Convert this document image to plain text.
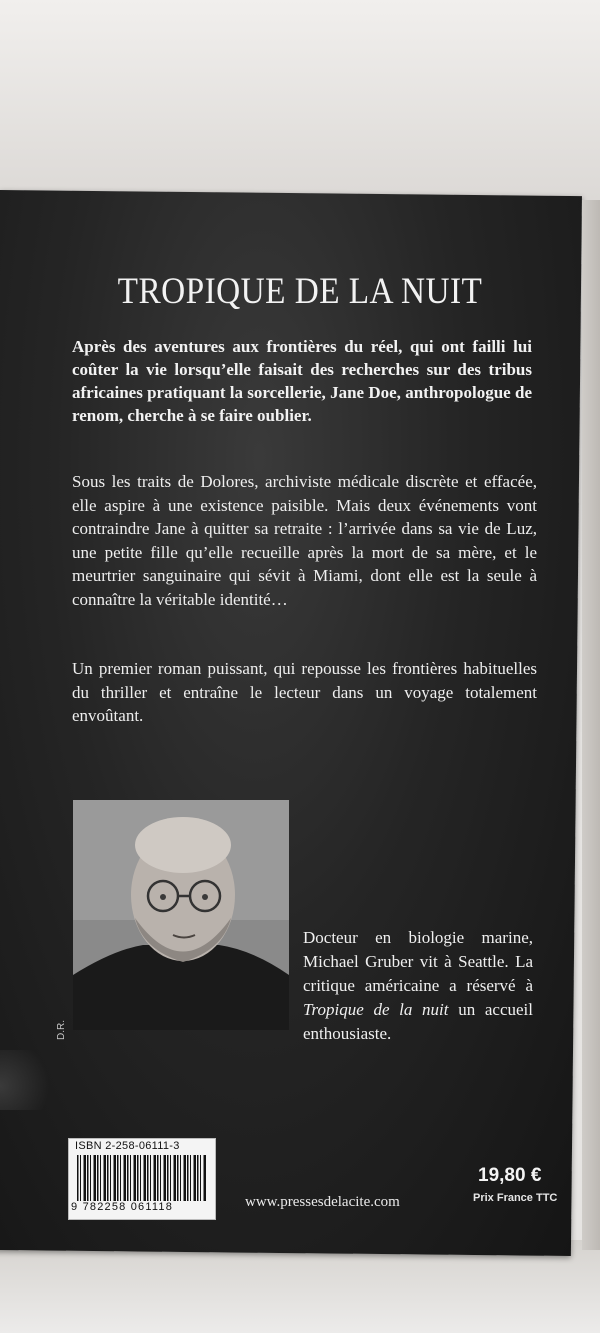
TROPIQUE DE LA NUIT
Après des aventures aux frontières du réel, qui ont failli lui coûter la vie lorsqu’elle faisait des recherches sur des tribus africaines pratiquant la sorcellerie, Jane Doe, anthropologue de renom, cherche à se faire oublier.
Sous les traits de Dolores, archiviste médicale discrète et effacée, elle aspire à une existence paisible. Mais deux événements vont contraindre Jane à quitter sa retraite : l’arrivée dans sa vie de Luz, une petite fille qu’elle recueille après la mort de sa mère, et le meurtrier sanguinaire qui sévit à Miami, dont elle est la seule à connaître la véritable identité…
Un premier roman puissant, qui repousse les frontières habituelles du thriller et entraîne le lecteur dans un voyage totalement envoûtant.
D.R.
Docteur en biologie marine, Michael Gruber vit à Seattle. La critique américaine a réservé à Tropique de la nuit un accueil enthousiaste.
ISBN 2-258-06111-3
9 782258 061118	www.pressesdelacite.com
19,80 €
Prix France TTC
